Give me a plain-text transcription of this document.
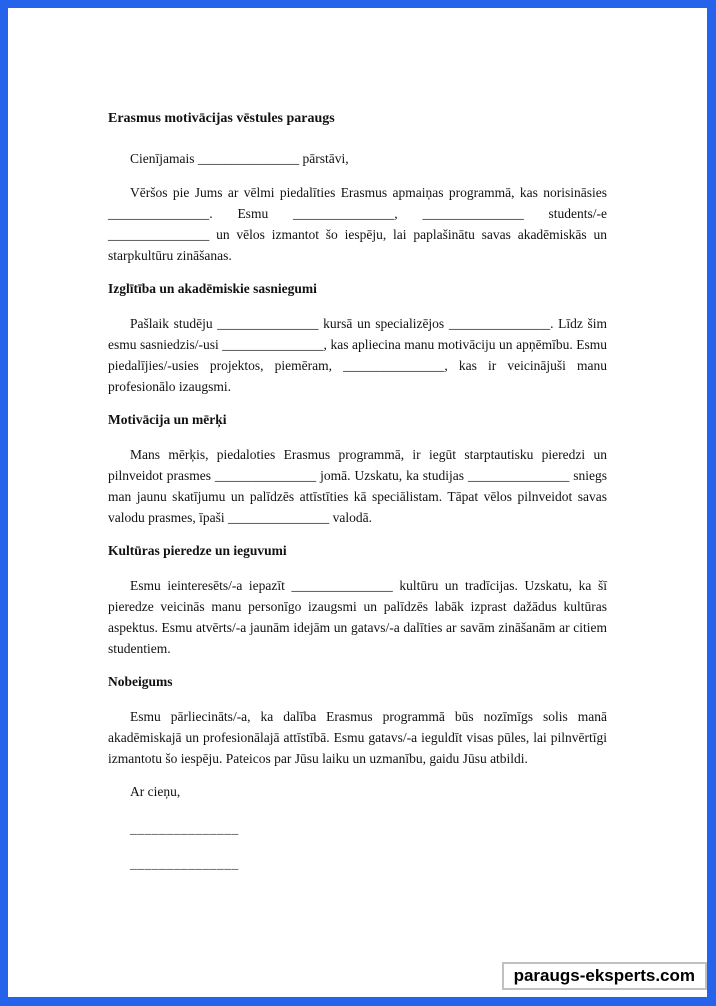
Erasmus motivācijas vēstules paraugs

Cienījamais _______________ pārstāvi,

Vēršos pie Jums ar vēlmi piedalīties Erasmus apmaiņas programmā, kas norisināsies _______________. Esmu _______________, _______________ students/-e _______________ un vēlos izmantot šo iespēju, lai paplašinātu savas akadēmiskās un starpkultūru zināšanas.

Izglītība un akadēmiskie sasniegumi

Pašlaik studēju _______________ kursā un specializējos _______________. Līdz šim esmu sasniedzis/-usi _______________, kas apliecina manu motivāciju un apņēmību. Esmu piedalījies/-usies projektos, piemēram, _______________, kas ir veicinājuši manu profesionālo izaugsmi.

Motivācija un mērķi

Mans mērķis, piedaloties Erasmus programmā, ir iegūt starptautisku pieredzi un pilnveidot prasmes _______________ jomā. Uzskatu, ka studijas _______________ sniegs man jaunu skatījumu un palīdzēs attīstīties kā speciālistam. Tāpat vēlos pilnveidot savas valodu prasmes, īpaši _______________ valodā.

Kultūras pieredze un ieguvumi

Esmu ieinteresēts/-a iepazīt _______________ kultūru un tradīcijas. Uzskatu, ka šī pieredze veicinās manu personīgo izaugsmi un palīdzēs labāk izprast dažādus kultūras aspektus. Esmu atvērts/-a jaunām idejām un gatavs/-a dalīties ar savām zināšanām ar citiem studentiem.

Nobeigums

Esmu pārliecināts/-a, ka dalība Erasmus programmā būs nozīmīgs solis manā akadēmiskajā un profesionālajā attīstībā. Esmu gatavs/-a ieguldīt visas pūles, lai pilnvērtīgi izmantotu šo iespēju. Pateicos par Jūsu laiku un uzmanību, gaidu Jūsu atbildi.

Ar cieņu,

_______________
_______________
paraugs-eksperts.com
